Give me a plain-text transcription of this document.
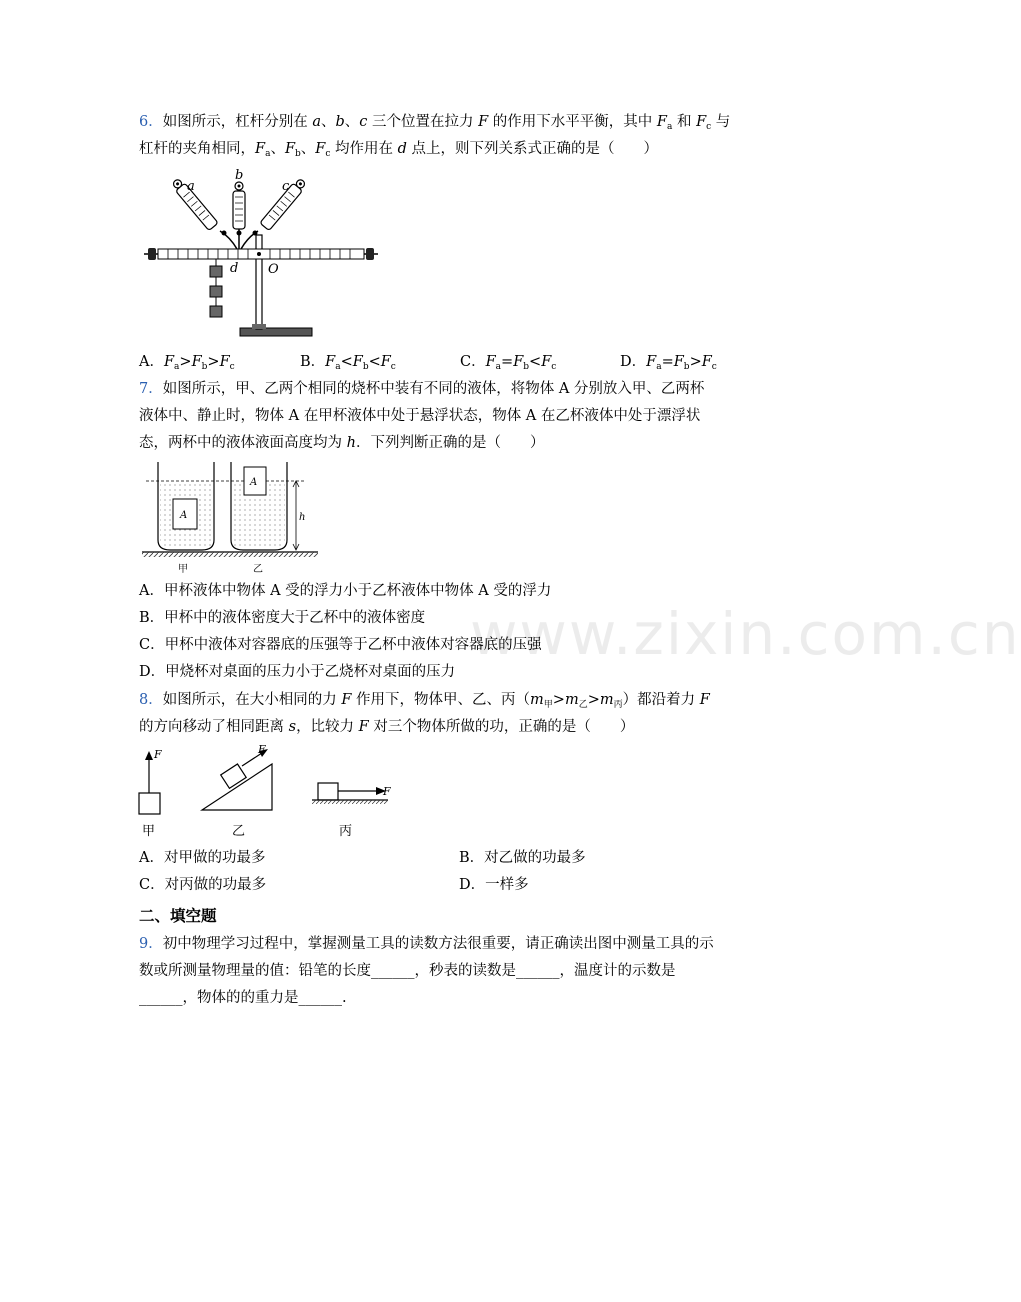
www.zixin.com.cn
6．如图所示，杠杆分别在 a、b、c 三个位置在拉力 F 的作用下水平平衡，其中 $F_a$ 和 $F_c$ 与
杠杆的夹角相同，$F_a$、$F_b$、$F_c$ 均作用在 d 点上，则下列关系式正确的是（　　）
a
b
c
d O
A．$F_a>F_b>F_c$	B．$F_a<F_b<F_c$	C．$F_a=F_b<F_c$	D．$F_a=F_b>F_c$
7．如图所示，甲、乙两个相同的烧杯中装有不同的液体，将物体 A 分别放入甲、乙两杯
液体中、静止时，物体 A 在甲杯液体中处于悬浮状态，物体 A 在乙杯液体中处于漂浮状
态，两杯中的液体液面高度均为 h．下列判断正确的是（　　）
A
A
h
甲	乙
A．甲杯液体中物体 A 受的浮力小于乙杯液体中物体 A 受的浮力
B．甲杯中的液体密度大于乙杯中的液体密度
C．甲杯中液体对容器底的压强等于乙杯中液体对容器底的压强
D．甲烧杯对桌面的压力小于乙烧杯对桌面的压力
8．如图所示，在大小相同的力 F 作用下，物体甲、乙、丙$(m_甲>m_乙>m_丙)$都沿着力 F
的方向移动了相同距离 s，比较力 F 对三个物体所做的功，正确的是（　　）
F
甲
F
乙
F
丙
A．对甲做的功最多	B．对乙做的功最多
C．对丙做的功最多	D．一样多
二、填空题
9．初中物理学习过程中，掌握测量工具的读数方法很重要，请正确读出图中测量工具的示
数或所测量物理量的值：铅笔的长度______，秒表的读数是______，温度计的示数是
______，物体的的重力是______.
